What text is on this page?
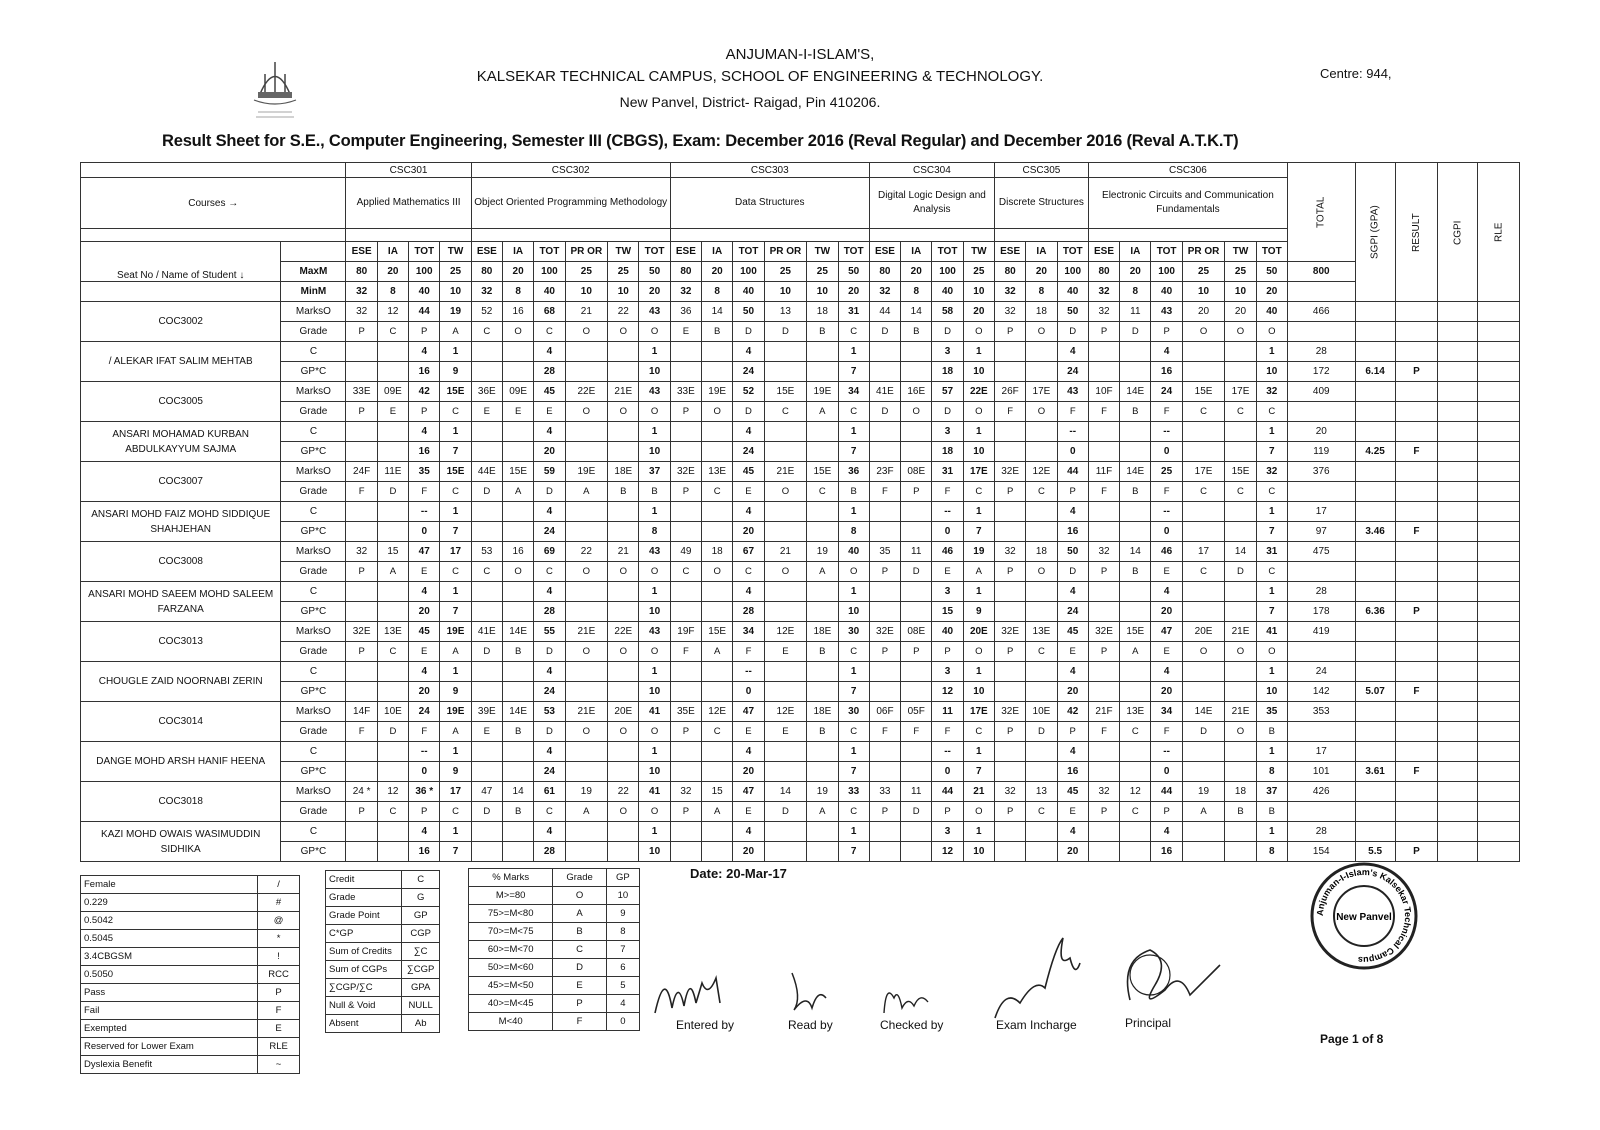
ANJUMAN-I-ISLAM'S,
KALSEKAR TECHNICAL CAMPUS, SCHOOL OF ENGINEERING & TECHNOLOGY.
New Panvel, District- Raigad, Pin 410206.
Centre: 944,
Result Sheet for S.E., Computer Engineering, Semester III (CBGS), Exam: December 2016 (Reval Regular) and December 2016 (Reval A.T.K.T)
		CSC301				CSC302						CSC303						CSC304				CSC305			CSC306						TOTAL	SGPI (GPA)	RESULT	CGPI	RLE
Courses →		Applied Mathematics III				Object Oriented Programming Methodology						Data Structures						Digital Logic Design and Analysis				Discrete Structures			Electronic Circuits and Communication Fundamentals										

Seat No / Name of Student ↓		ESE	IA	TOT	TW	ESE	IA	TOT	PR OR	TW	TOT	ESE	IA	TOT	PR OR	TW	TOT	ESE	IA	TOT	TW	ESE	IA	TOT	ESE	IA	TOT	PR OR	TW	TOT					
	MaxM	80	20	100	25	80	20	100	25	25	50	80	20	100	25	25	50	80	20	100	25	80	20	100	80	20	100	25	25	50	800				
	MinM	32	8	40	10	32	8	40	10	10	20	32	8	40	10	10	20	32	8	40	10	32	8	40	32	8	40	10	10	20					
COC3002	MarksO	32	12	44	19	52	16	68	21	22	43	36	14	50	13	18	31	44	14	58	20	32	18	50	32	11	43	20	20	40	466				
	Grade	P	C	P	A	C	O	C	O	O	O	E	B	D	D	B	C	D	B	D	O	P	O	D	P	D	P	O	O	O					
/ ALEKAR IFAT SALIM MEHTAB	C			4	1			4			1			4			1			3	1			4			4			1	28				
	GP*C			16	9			28			10			24			7			18	10			24			16			10	172	6.14	P		
COC3005	MarksO	33E	09E	42	15E	36E	09E	45	22E	21E	43	33E	19E	52	15E	19E	34	41E	16E	57	22E	26F	17E	43	10F	14E	24	15E	17E	32	409				
	Grade	P	E	P	C	E	E	E	O	O	O	P	O	D	C	A	C	D	O	D	O	F	O	F	F	B	F	C	C	C					
ANSARI MOHAMAD KURBAN ABDULKAYYUM SAJMA	C			4	1			4			1			4			1			3	1			--			--			1	20				
	GP*C			16	7			20			10			24			7			18	10			0			0			7	119	4.25	F		
COC3007	MarksO	24F	11E	35	15E	44E	15E	59	19E	18E	37	32E	13E	45	21E	15E	36	23F	08E	31	17E	32E	12E	44	11F	14E	25	17E	15E	32	376				
	Grade	F	D	F	C	D	A	D	A	B	B	P	C	E	O	C	B	F	P	F	C	P	C	P	F	B	F	C	C	C					
ANSARI MOHD FAIZ MOHD SIDDIQUE SHAHJEHAN	C			--	1			4			1			4			1			--	1			4			--			1	17				
	GP*C			0	7			24			8			20			8			0	7			16			0			7	97	3.46	F		
COC3008	MarksO	32	15	47	17	53	16	69	22	21	43	49	18	67	21	19	40	35	11	46	19	32	18	50	32	14	46	17	14	31	475				
	Grade	P	A	E	C	C	O	C	O	O	O	C	O	C	O	A	O	P	D	E	A	P	O	D	P	B	E	C	D	C					
ANSARI MOHD SAEEM MOHD SALEEM FARZANA	C			4	1			4			1			4			1			3	1			4			4			1	28				
	GP*C			20	7			28			10			28			10			15	9			24			20			7	178	6.36	P		
COC3013	MarksO	32E	13E	45	19E	41E	14E	55	21E	22E	43	19F	15E	34	12E	18E	30	32E	08E	40	20E	32E	13E	45	32E	15E	47	20E	21E	41	419				
	Grade	P	C	E	A	D	B	D	O	O	O	F	A	F	E	B	C	P	P	P	O	P	C	E	P	A	E	O	O	O					
CHOUGLE ZAID NOORNABI ZERIN	C			4	1			4			1			--			1			3	1			4			4			1	24				
	GP*C			20	9			24			10			0			7			12	10			20			20			10	142	5.07	F		
COC3014	MarksO	14F	10E	24	19E	39E	14E	53	21E	20E	41	35E	12E	47	12E	18E	30	06F	05F	11	17E	32E	10E	42	21F	13E	34	14E	21E	35	353				
	Grade	F	D	F	A	E	B	D	O	O	O	P	C	E	E	B	C	F	F	F	C	P	D	P	F	C	F	D	O	B					
DANGE MOHD ARSH HANIF HEENA	C			--	1			4			1			4			1			--	1			4			--			1	17				
	GP*C			0	9			24			10			20			7			0	7			16			0			8	101	3.61	F		
COC3018	MarksO	24 *	12	36 *	17	47	14	61	19	22	41	32	15	47	14	19	33	33	11	44	21	32	13	45	32	12	44	19	18	37	426				
	Grade	P	C	P	C	D	B	C	A	O	O	P	A	E	D	A	C	P	D	P	O	P	C	E	P	C	P	A	B	B					
KAZI MOHD OWAIS WASIMUDDIN SIDHIKA	C			4	1			4			1			4			1			3	1			4			4			1	28				
	GP*C			16	7			28			10			20			7			12	10			20			16			8	154	5.5	P		
Female	/
0.229	#
0.5042	@
0.5045	*
3.4CBGSM	!
0.5050	RCC
Pass	P
Fail	F
Exempted	E
Reserved for Lower Exam	RLE
Dyslexia Benefit	~
Credit	C
Grade	G
Grade Point	GP
C*GP	CGP
Sum of Credits	∑C
Sum of CGPs	∑CGP
∑CGP/∑C	GPA
Null & Void	NULL
Absent	Ab
% Marks	Grade	GP
M>=80	O	10
75>=M<80	A	9
70>=M<75	B	8
60>=M<70	C	7
50>=M<60	D	6
45>=M<50	E	5
40>=M<45	P	4
M<40	F	0
Date: 20-Mar-17
Entered by	Read by	Checked by	Exam Incharge	Principal
Anjuman-I-Islam's Kalsekar Technical Campus
New Panvel
Page 1 of 8
